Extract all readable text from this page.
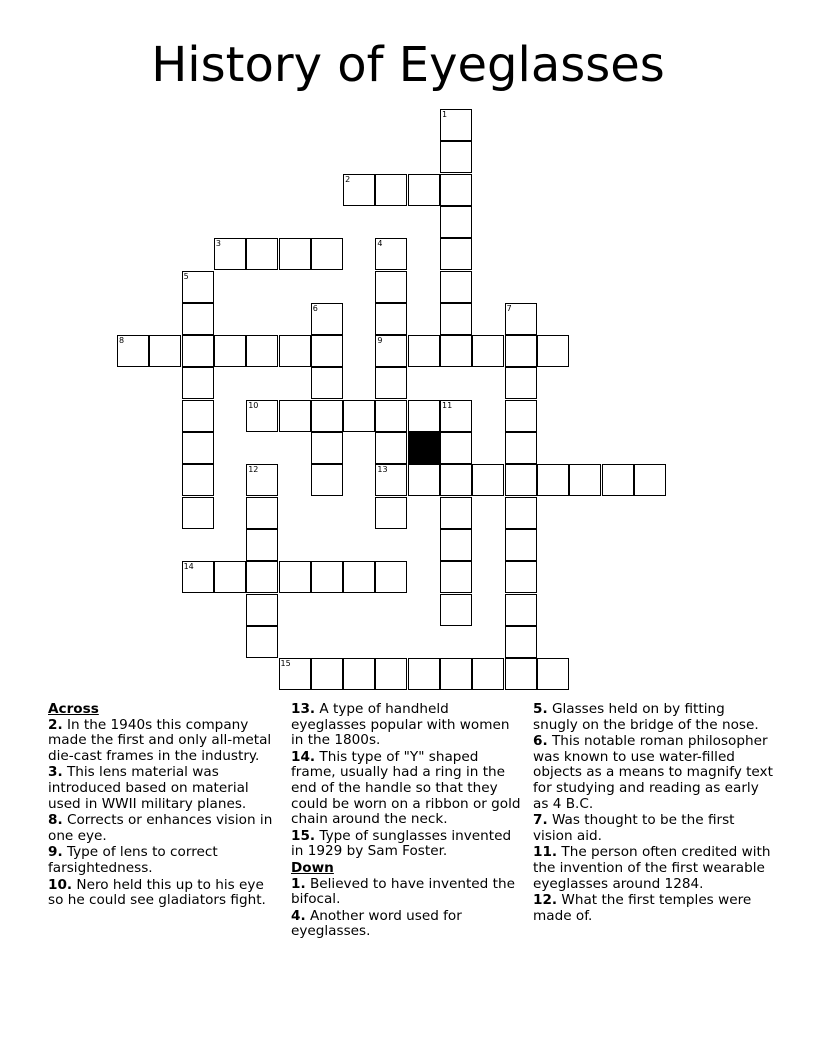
History of Eyeglasses
1
2
3	4
5
6	7
8	9
10	11
12	13
14
15
Across
2. In the 1940s this company made the first and only all-metal die-cast frames in the industry.
3. This lens material was introduced based on material used in WWII military planes.
8. Corrects or enhances vision in one eye.
9. Type of lens to correct farsightedness.
10. Nero held this up to his eye so he could see gladiators fight.
13. A type of handheld eyeglasses popular with women in the 1800s.
14. This type of "Y" shaped frame, usually had a ring in the end of the handle so that they could be worn on a ribbon or gold chain around the neck.
15. Type of sunglasses invented in 1929 by Sam Foster.
Down
1. Believed to have invented the bifocal.
4. Another word used for eyeglasses.
5. Glasses held on by fitting snugly on the bridge of the nose.
6. This notable roman philosopher was known to use water-filled objects as a means to magnify text for studying and reading as early as 4 B.C.
7. Was thought to be the first vision aid.
11. The person often credited with the invention of the first wearable eyeglasses around 1284.
12. What the first temples were made of.
